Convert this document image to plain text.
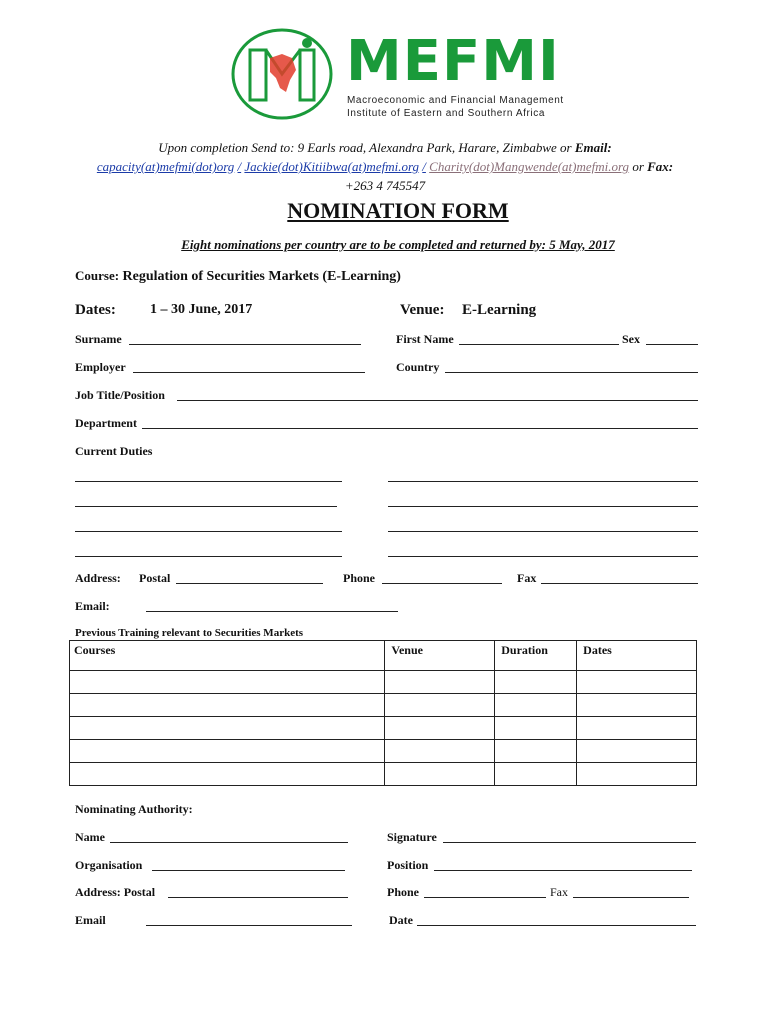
MEFMI
Macroeconomic and Financial Management
Institute of Eastern and Southern Africa
Upon completion Send to: 9 Earls road, Alexandra Park, Harare, Zimbabwe or Email:
capacity(at)mefmi(dot)org / Jackie(dot)Kitiibwa(at)mefmi.org / Charity(dot)Mangwende(at)mefmi.org or Fax:
+263 4 745547
NOMINATION FORM
Eight nominations per country are to be completed and returned by: 5 May, 2017
Course: Regulation of Securities Markets (E-Learning)
Dates: 1 – 30 June, 2017	Venue: E-Learning
Surname	First Name	Sex
Employer	Country
Job Title/Position
Department
Current Duties
Address: Postal	Phone	Fax
Email:
Previous Training relevant to Securities Markets
Courses	Venue	Duration	Dates

Nominating Authority:
Name	Signature
Organisation	Position
Address: Postal	Phone	Fax
Email	Date
